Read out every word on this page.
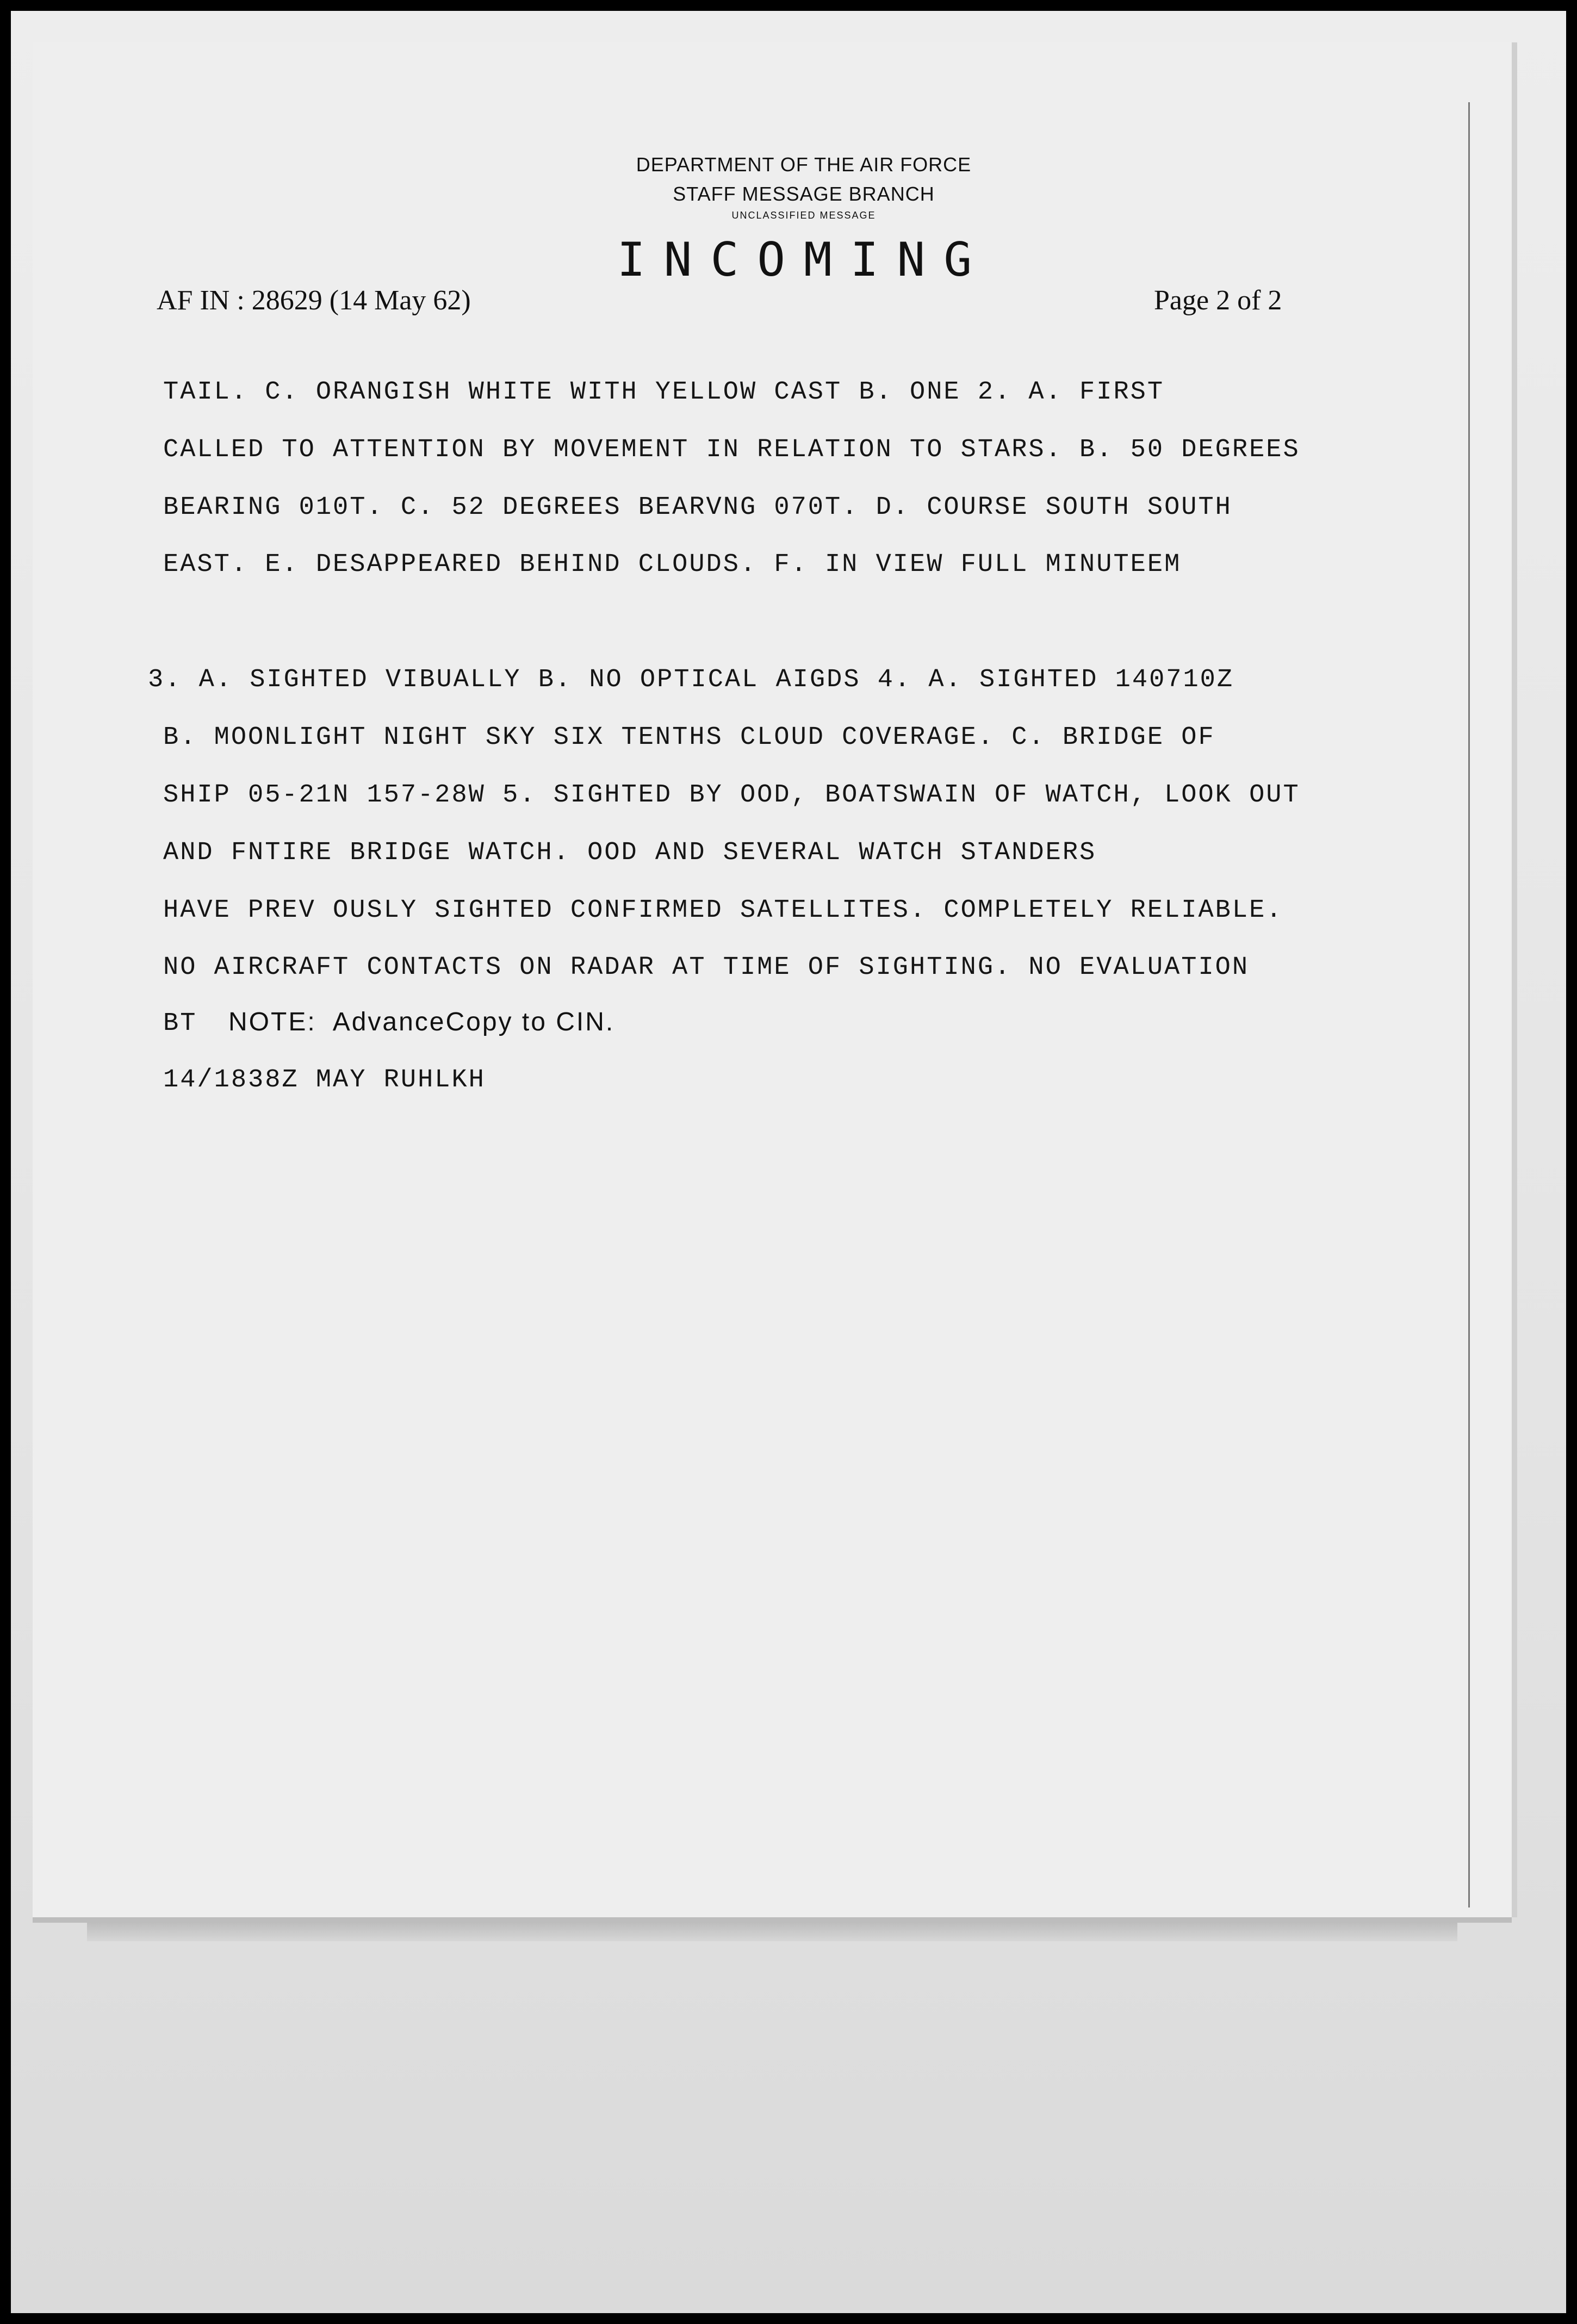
DEPARTMENT OF THE AIR FORCE
STAFF MESSAGE BRANCH
UNCLASSIFIED MESSAGE
INCOMING
AF IN : 28629 (14 May 62)	Page 2 of 2
TAIL. C. ORANGISH WHITE WITH YELLOW CAST B. ONE 2. A. FIRST
CALLED TO ATTENTION BY MOVEMENT IN RELATION TO STARS. B. 50 DEGREES
BEARING 010T. C. 52 DEGREES BEARVNG 070T. D. COURSE SOUTH SOUTH
EAST. E. DESAPPEARED BEHIND CLOUDS. F. IN VIEW FULL MINUTEEM
3. A. SIGHTED VIBUALLY B. NO OPTICAL AIGDS 4. A. SIGHTED 140710Z
B. MOONLIGHT NIGHT SKY SIX TENTHS CLOUD COVERAGE. C. BRIDGE OF
SHIP 05-21N 157-28W 5. SIGHTED BY OOD, BOATSWAIN OF WATCH, LOOK OUT
AND FNTIRE BRIDGE WATCH. OOD AND SEVERAL WATCH STANDERS
HAVE PREV OUSLY SIGHTED CONFIRMED SATELLITES. COMPLETELY RELIABLE.
NO AIRCRAFT CONTACTS ON RADAR AT TIME OF SIGHTING. NO EVALUATION
BT NOTE:  AdvanceCopy to CIN.
14/1838Z MAY RUHLKH
